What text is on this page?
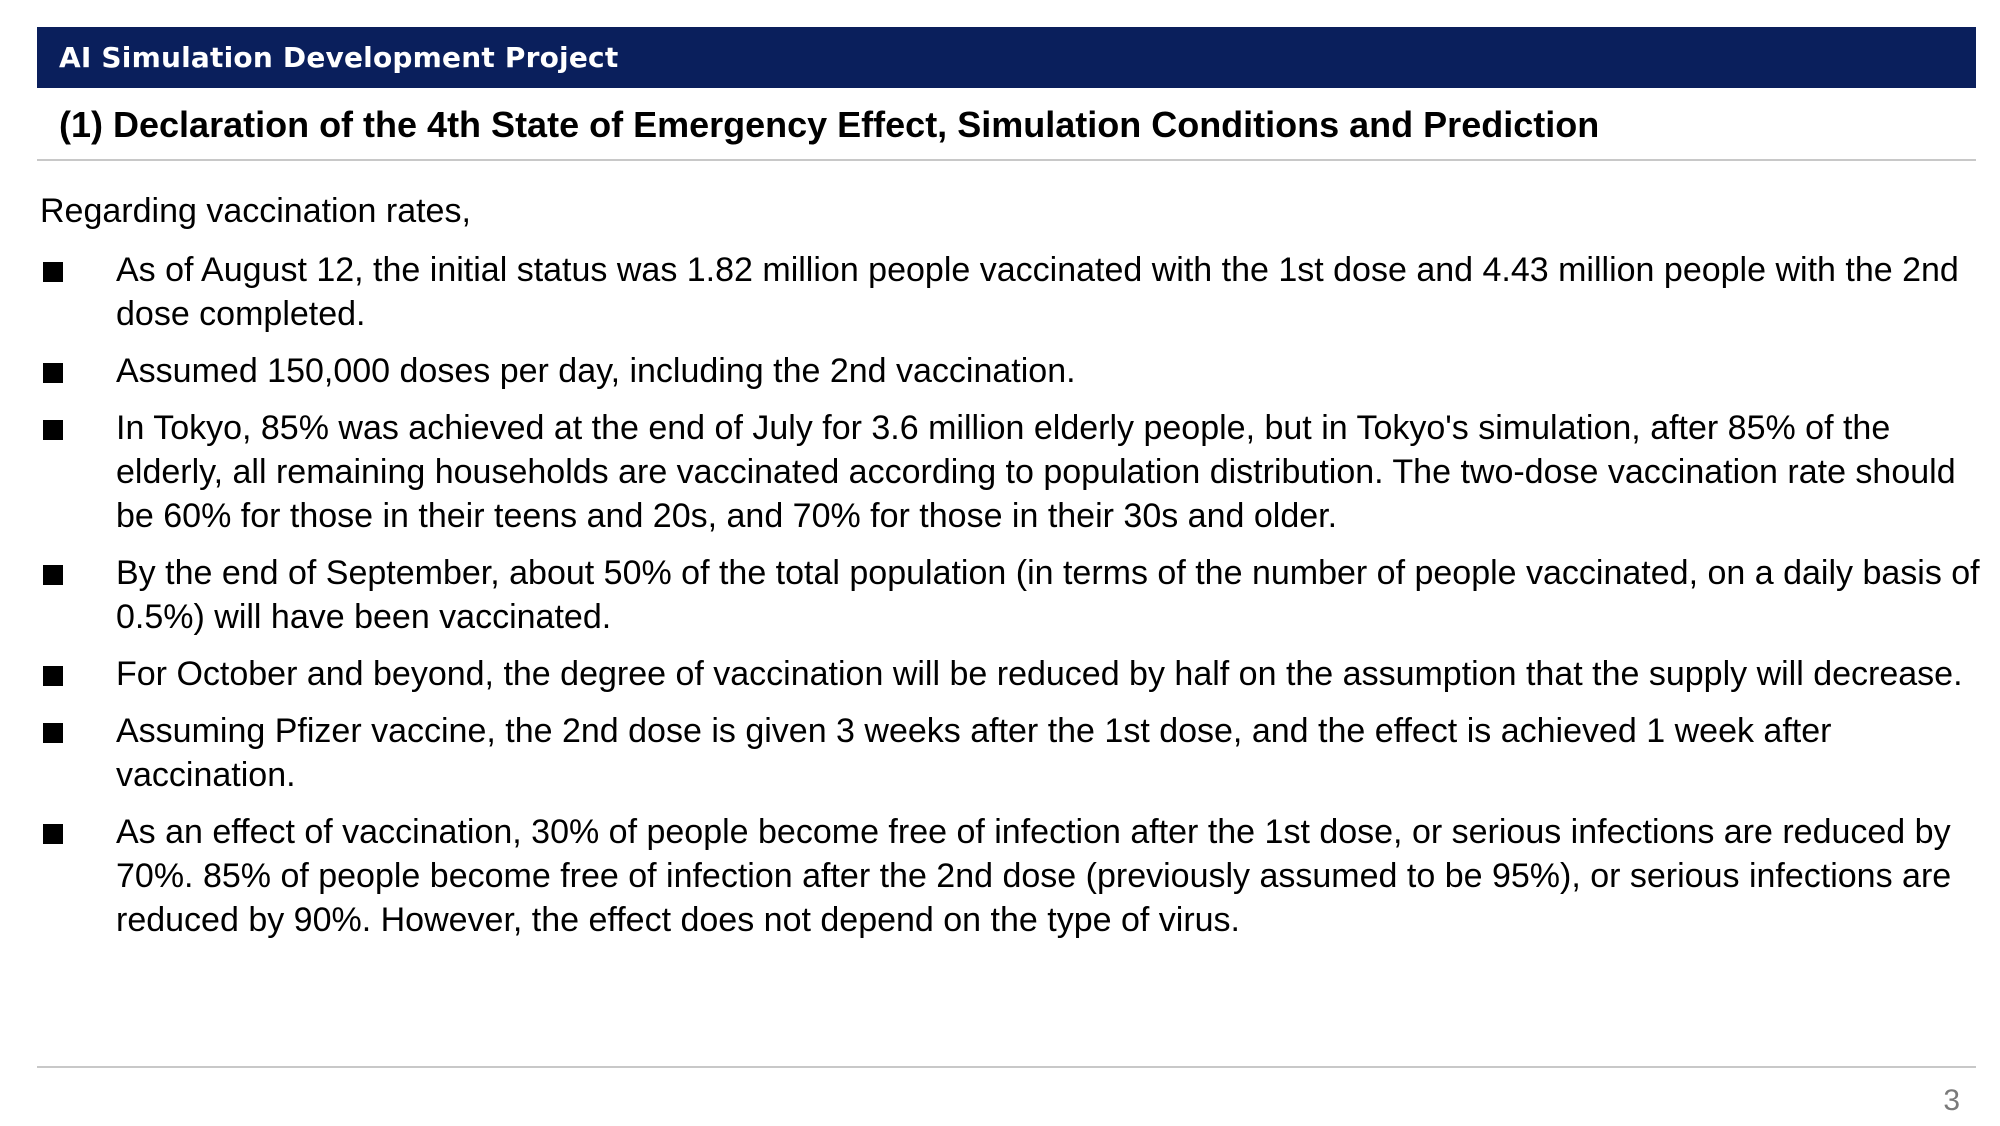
AI Simulation Development Project
(1) Declaration of the 4th State of Emergency Effect, Simulation Conditions and Prediction
Regarding vaccination rates,
As of August 12, the initial status was 1.82 million people vaccinated with the 1st dose and 4.43 million people with the 2nd dose completed.
Assumed 150,000 doses per day, including the 2nd vaccination.
In Tokyo, 85% was achieved at the end of July for 3.6 million elderly people, but in Tokyo's simulation, after 85% of the elderly, all remaining households are vaccinated according to population distribution. The two-dose vaccination rate should be 60% for those in their teens and 20s, and 70% for those in their 30s and older.
By the end of September, about 50% of the total population (in terms of the number of people vaccinated, on a daily basis of 0.5%) will have been vaccinated.
For October and beyond, the degree of vaccination will be reduced by half on the assumption that the supply will decrease.
Assuming Pfizer vaccine, the 2nd dose is given 3 weeks after the 1st dose, and the effect is achieved 1 week after vaccination.
As an effect of vaccination, 30% of people become free of infection after the 1st dose, or serious infections are reduced by 70%. 85% of people become free of infection after the 2nd dose (previously assumed to be 95%), or serious infections are reduced by 90%. However, the effect does not depend on the type of virus.
3
